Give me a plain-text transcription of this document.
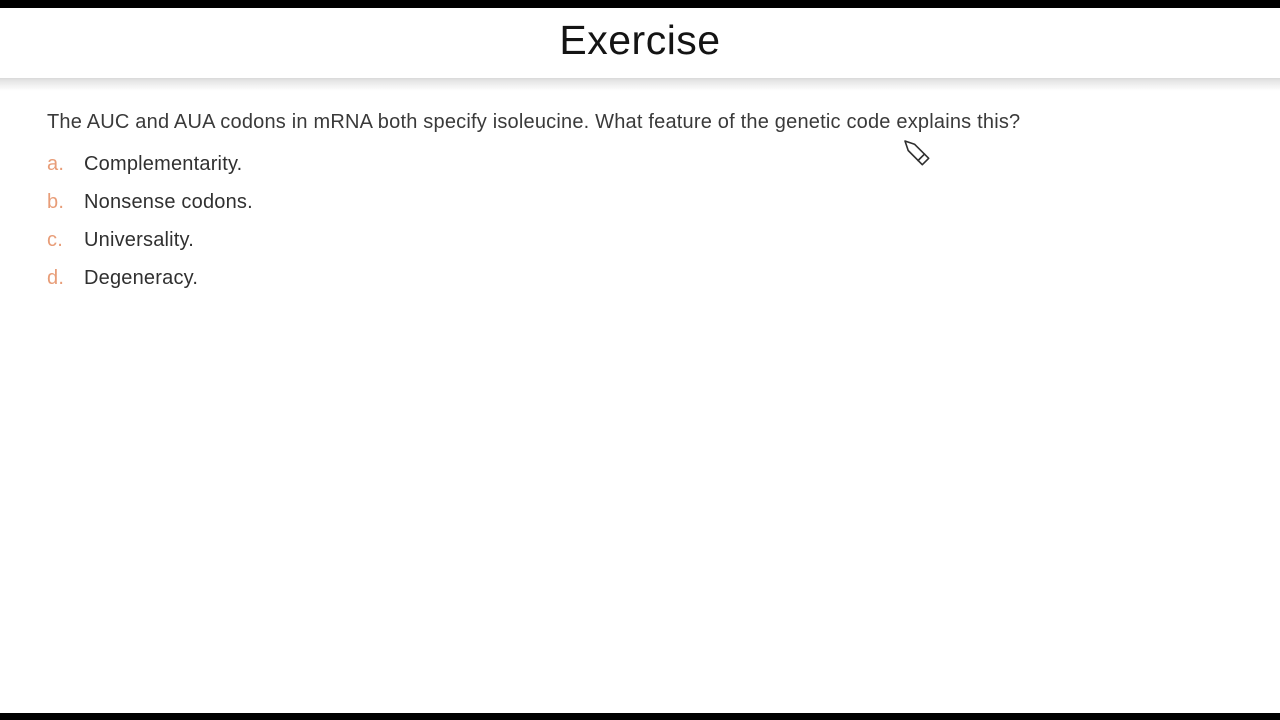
Exercise

The AUC and AUA codons in mRNA both specify isoleucine. What feature of the genetic code explains this?

a. Complementarity.
b. Nonsense codons.
c.	Universality.
d. Degeneracy.
